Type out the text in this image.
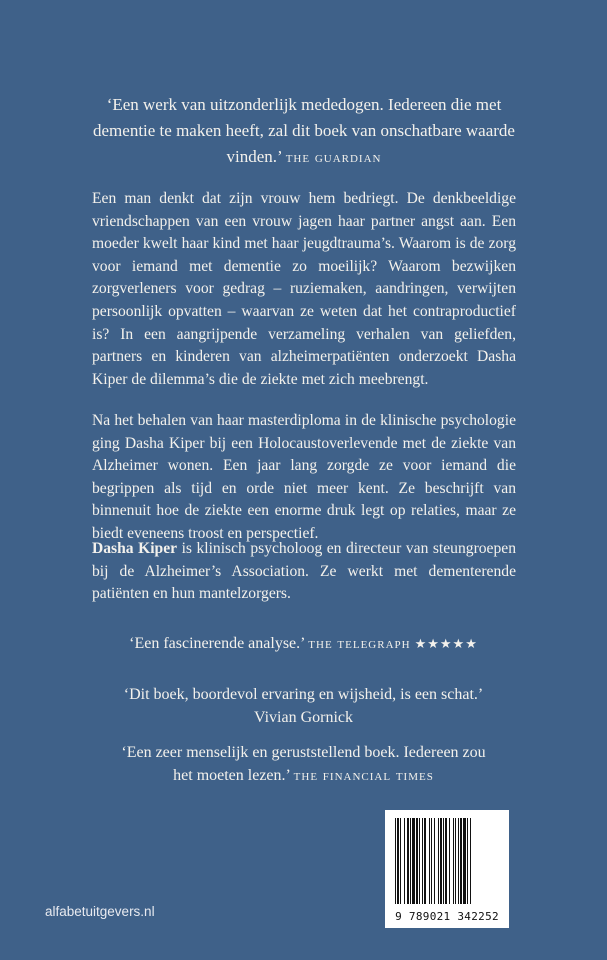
‘Een werk van uitzonderlijk mededogen. Iedereen die met dementie te maken heeft, zal dit boek van onschatbare waarde vinden.’ the guardian

Een man denkt dat zijn vrouw hem bedriegt. De denkbeeldige vriendschappen van een vrouw jagen haar partner angst aan. Een moeder kwelt haar kind met haar jeugdtrauma’s. Waarom is de zorg voor iemand met dementie zo moeilijk? Waarom bezwijken zorgverleners voor gedrag – ruziemaken, aandringen, verwijten persoonlijk opvatten – waarvan ze weten dat het contraproductief is? In een aangrijpende verzameling verhalen van geliefden, partners en kinderen van alzheimerpatiënten onderzoekt Dasha Kiper de dilemma’s die de ziekte met zich meebrengt.

Na het behalen van haar masterdiploma in de klinische psychologie ging Dasha Kiper bij een Holocaustoverlevende met de ziekte van Alzheimer wonen. Een jaar lang zorgde ze voor iemand die begrippen als tijd en orde niet meer kent. Ze beschrijft van binnenuit hoe de ziekte een enorme druk legt op relaties, maar ze biedt eveneens troost en perspectief.

Dasha Kiper is klinisch psycholoog en directeur van steungroepen bij de Alzheimer’s Association. Ze werkt met dementerende patiënten en hun mantelzorgers.

‘Een fascinerende analyse.’ the telegraph ★★★★★
‘Dit boek, boordevol ervaring en wijsheid, is een schat.’
Vivian Gornick
‘Een zeer menselijk en geruststellend boek. Iedereen zou het moeten lezen.’ the financial times
9 789021 342252
alfabetuitgevers.nl
